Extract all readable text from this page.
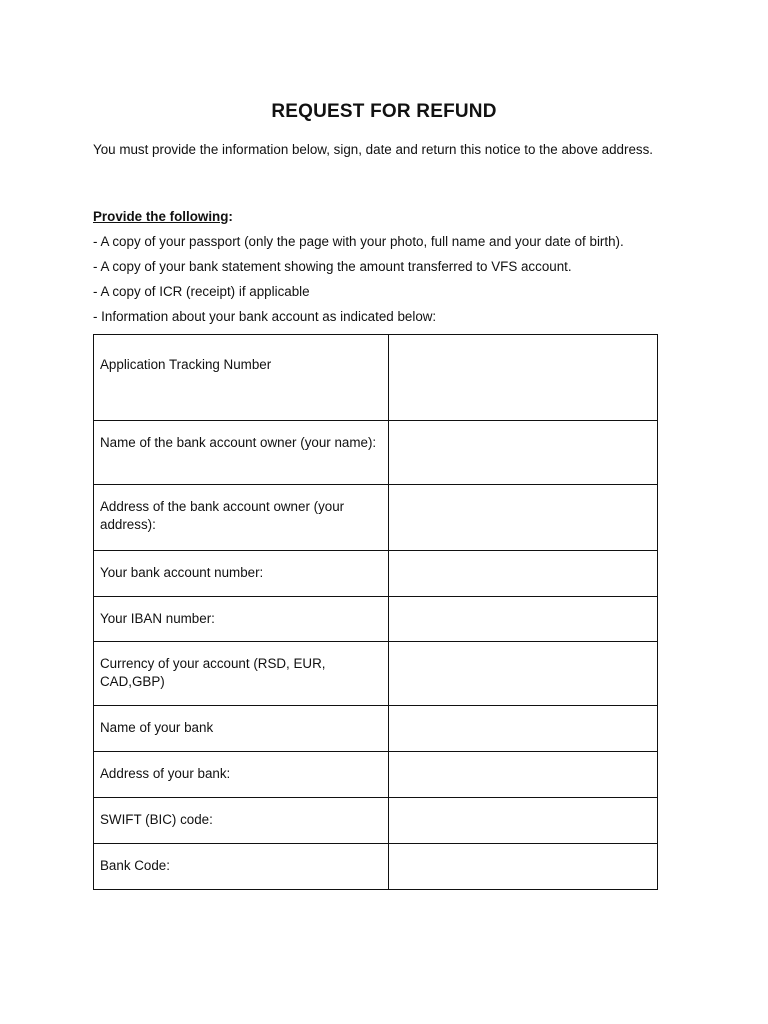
REQUEST FOR REFUND
You must provide the information below, sign, date and return this notice to the above address.
Provide the following:
- A copy of your passport (only the page with your photo, full name and your date of birth).
- A copy of your bank statement showing the amount transferred to VFS account.
- A copy of ICR (receipt) if applicable
- Information about your bank account as indicated below:
Application Tracking Number	
Name of the bank account owner (your name):	
Address of the bank account owner (your address):	
Your bank account number:	
Your IBAN number:	
Currency of your account (RSD, EUR, CAD,GBP)	
Name of your bank	
Address of your bank:	
SWIFT (BIC) code:	
Bank Code:	
